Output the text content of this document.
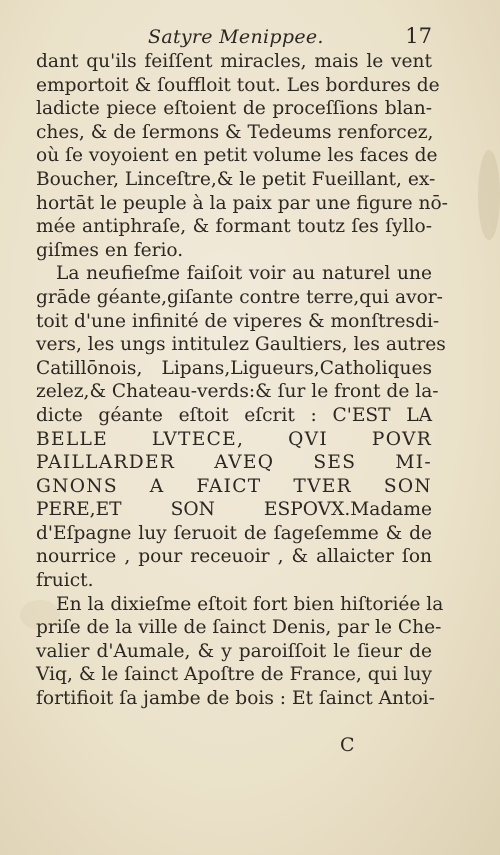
Satyre Menippee.	17
dant qu'ils feiſſent miracles, mais le vent
emportoit & ſouffloit tout. Les bordures de
ladicte piece eſtoient de proceſſions blan-
ches, & de ſermons & Tedeums renforcez,
où ſe voyoient en petit volume les faces de
Boucher, Linceſtre,& le petit Fueillant, ex-
hortāt le peuple à la paix par une figure nō-
mée antiphraſe, & formant toutz ſes ſyllo-
giſmes en ferio.
La neufieſme faiſoit voir au naturel une
grāde géante,giſante contre terre,qui avor-
toit d'une infinité de viperes & monſtresdi-
vers, les ungs intitulez Gaultiers, les autres
Catillōnois, Lipans,Ligueurs,Catholiques
zelez,& Chateau-verds:& ſur le front de la-
dicte géante eſtoit eſcrit : C'EST LA
BELLE LVTECE, QVI POVR
PAILLARDER AVEQ SES MI-
GNONS A FAICT TVER SON
PERE,ET SON ESPOVX.Madame
d'Eſpagne luy ſeruoit de ſageſemme & de
nourrice , pour receuoir , & allaicter ſon
fruict.
En la dixieſme eſtoit fort bien hiſtoriée la
priſe de la ville de ſainct Denis, par le Che-
valier d'Aumale, & y paroiſſoit le ſieur de
Viq, & le ſainct Apoſtre de France, qui luy
fortifioit ſa jambe de bois : Et ſainct Antoi-
C
